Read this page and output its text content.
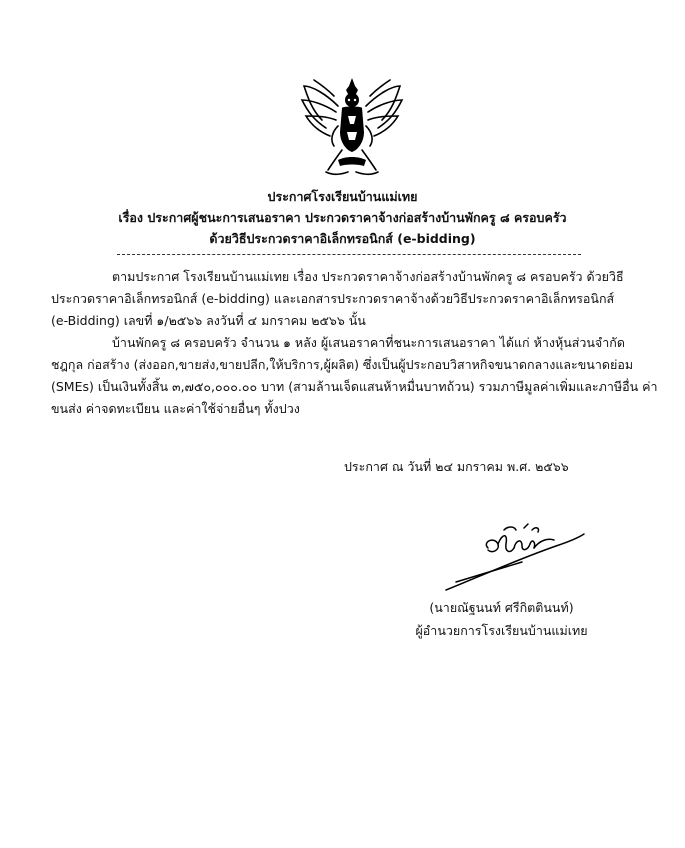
ประกาศโรงเรียนบ้านแม่เทย
เรื่อง ประกาศผู้ชนะการเสนอราคา ประกวดราคาจ้างก่อสร้างบ้านพักครู ๘ ครอบครัว
ด้วยวิธีประกวดราคาอิเล็กทรอนิกส์ (e-bidding)
ตามประกาศ โรงเรียนบ้านแม่เทย เรื่อง ประกวดราคาจ้างก่อสร้างบ้านพักครู ๘ ครอบครัว ด้วยวิธี
ประกวดราคาอิเล็กทรอนิกส์ (e-bidding) และเอกสารประกวดราคาจ้างด้วยวิธีประกวดราคาอิเล็กทรอนิกส์
(e-Bidding) เลขที่ ๑/๒๕๖๖ ลงวันที่ ๔ มกราคม ๒๕๖๖ นั้น
บ้านพักครู ๘ ครอบครัว จำนวน ๑ หลัง ผู้เสนอราคาที่ชนะการเสนอราคา ได้แก่ ห้างหุ้นส่วนจำกัด
ชฎกุล ก่อสร้าง (ส่งออก,ขายส่ง,ขายปลีก,ให้บริการ,ผู้ผลิต) ซึ่งเป็นผู้ประกอบวิสาหกิจขนาดกลางและขนาดย่อม
(SMEs) เป็นเงินทั้งสิ้น ๓,๗๕๐,๐๐๐.๐๐ บาท (สามล้านเจ็ดแสนห้าหมื่นบาทถ้วน) รวมภาษีมูลค่าเพิ่มและภาษีอื่น ค่า
ขนส่ง ค่าจดทะเบียน และค่าใช้จ่ายอื่นๆ ทั้งปวง
ประกาศ ณ วันที่ ๒๔ มกราคม พ.ศ. ๒๕๖๖
(นายณัฐนนท์ ศรีกิตตินนท์)
ผู้อำนวยการโรงเรียนบ้านแม่เทย
